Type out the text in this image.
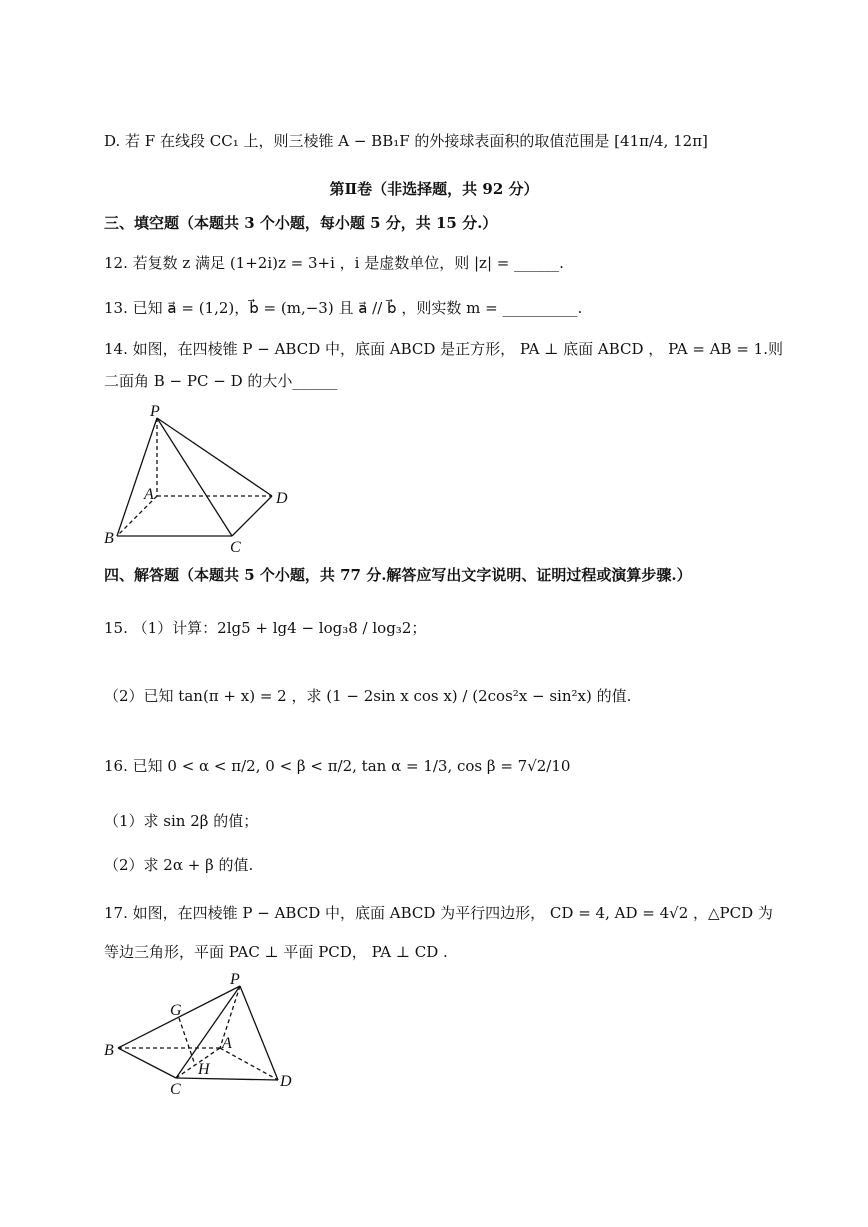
D. 若 F 在线段 CC₁ 上，则三棱锥 A − BB₁F 的外接球表面积的取值范围是 [41π/4, 12π]
第Ⅱ卷（非选择题，共 92 分）
三、填空题（本题共 3 个小题，每小题 5 分，共 15 分.）
12. 若复数 z 满足 (1+2i)z = 3+i ，i 是虚数单位，则 |z| = ______.
13. 已知 a⃗ = (1,2)，b⃗ = (m,−3) 且 a⃗ // b⃗ ，则实数 m = __________.
14. 如图，在四棱锥 P − ABCD 中，底面 ABCD 是正方形， PA ⊥ 底面 ABCD ， PA = AB = 1.则
二面角 B − PC − D 的大小______
P
A
B
C
D
四、解答题（本题共 5 个小题，共 77 分.解答应写出文字说明、证明过程或演算步骤.）
15. （1）计算：2lg5 + lg4 − log₃8 / log₃2；
（2）已知 tan(π + x) = 2 ，求 (1 − 2sin x cos x) / (2cos²x − sin²x) 的值.
16. 已知 0 < α < π/2, 0 < β < π/2, tan α = 1/3, cos β = 7√2/10
（1）求 sin 2β 的值；
（2）求 2α + β 的值.
17. 如图，在四棱锥 P − ABCD 中，底面 ABCD 为平行四边形， CD = 4, AD = 4√2 ，△PCD 为
等边三角形，平面 PAC ⊥ 平面 PCD， PA ⊥ CD .
P
G
A
B
H
C	D
